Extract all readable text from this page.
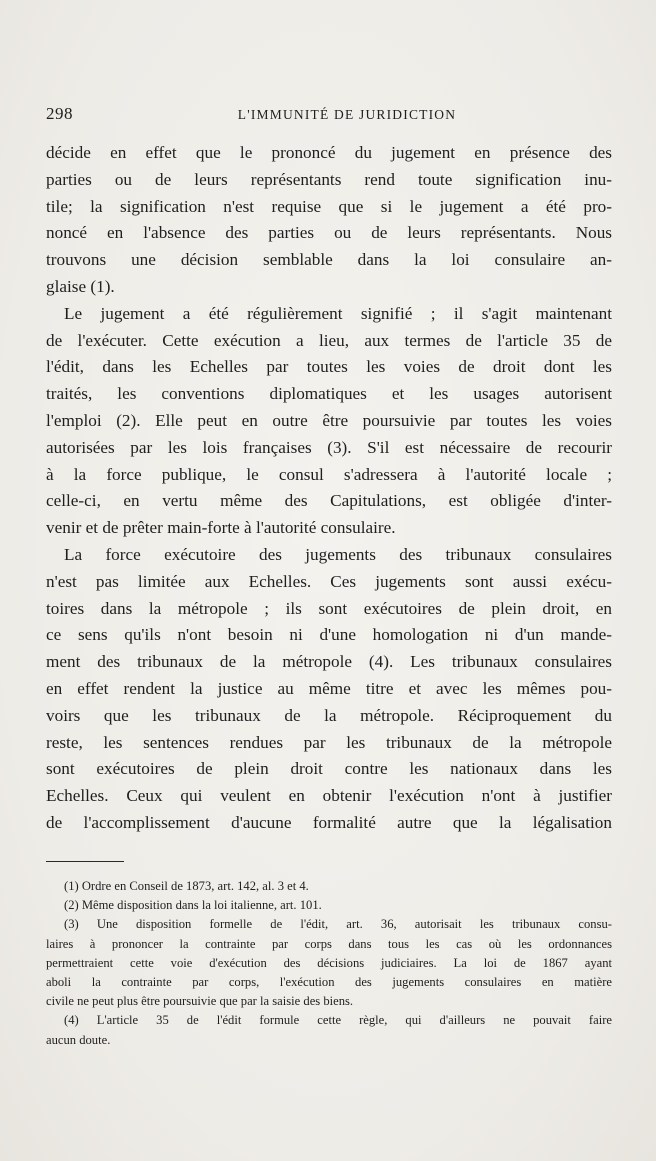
298	L'IMMUNITÉ DE JURIDICTION
décide en effet que le prononcé du jugement en présence des
parties ou de leurs représentants rend toute signification inu-
tile; la signification n'est requise que si le jugement a été pro-
noncé en l'absence des parties ou de leurs représentants. Nous
trouvons une décision semblable dans la loi consulaire an-
glaise (1).
Le jugement a été régulièrement signifié ; il s'agit maintenant
de l'exécuter. Cette exécution a lieu, aux termes de l'article 35 de
l'édit, dans les Echelles par toutes les voies de droit dont les
traités, les conventions diplomatiques et les usages autorisent
l'emploi (2). Elle peut en outre être poursuivie par toutes les voies
autorisées par les lois françaises (3). S'il est nécessaire de recourir
à la force publique, le consul s'adressera à l'autorité locale ;
celle-ci, en vertu même des Capitulations, est obligée d'inter-
venir et de prêter main-forte à l'autorité consulaire.
La force exécutoire des jugements des tribunaux consulaires
n'est pas limitée aux Echelles. Ces jugements sont aussi exécu-
toires dans la métropole ; ils sont exécutoires de plein droit, en
ce sens qu'ils n'ont besoin ni d'une homologation ni d'un mande-
ment des tribunaux de la métropole (4). Les tribunaux consulaires
en effet rendent la justice au même titre et avec les mêmes pou-
voirs que les tribunaux de la métropole. Réciproquement du
reste, les sentences rendues par les tribunaux de la métropole
sont exécutoires de plein droit contre les nationaux dans les
Echelles. Ceux qui veulent en obtenir l'exécution n'ont à justifier
de l'accomplissement d'aucune formalité autre que la légalisation
(1) Ordre en Conseil de 1873, art. 142, al. 3 et 4.
(2) Même disposition dans la loi italienne, art. 101.
(3) Une disposition formelle de l'édit, art. 36, autorisait les tribunaux consu-
laires à prononcer la contrainte par corps dans tous les cas où les ordonnances
permettraient cette voie d'exécution des décisions judiciaires. La loi de 1867 ayant
aboli la contrainte par corps, l'exécution des jugements consulaires en matière
civile ne peut plus être poursuivie que par la saisie des biens.
(4) L'article 35 de l'édit formule cette règle, qui d'ailleurs ne pouvait faire
aucun doute.
